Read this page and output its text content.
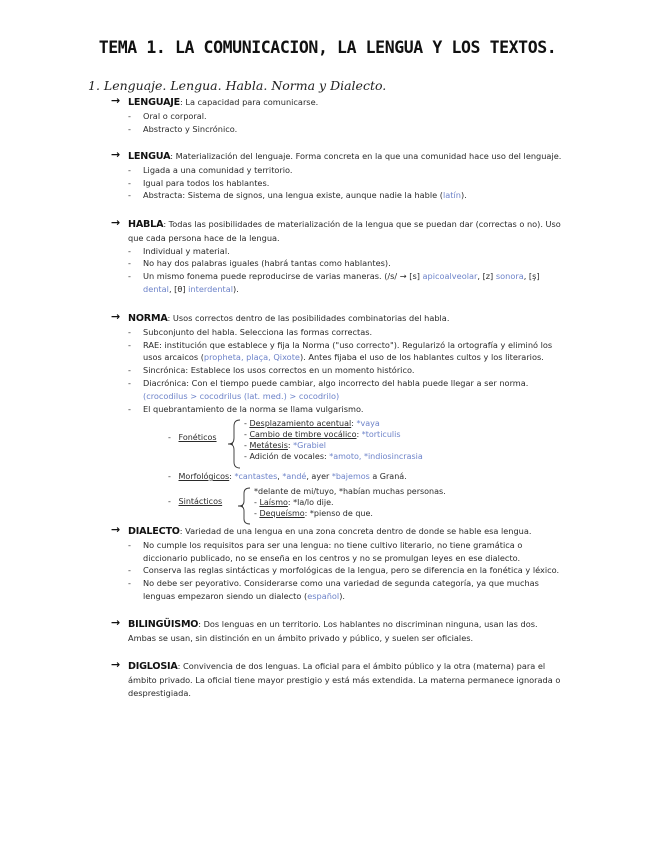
TEMA 1. LA COMUNICACION, LA LENGUA Y LOS TEXTOS.
1. Lenguaje. Lengua. Habla. Norma y Dialecto.
→ LENGUAJE: La capacidad para comunicarse.
- Oral o corporal.
- Abstracto y Sincrónico.
→ LENGUA: Materialización del lenguaje. Forma concreta en la que una comunidad hace uso del lenguaje.
- Ligada a una comunidad y territorio.
- Igual para todos los hablantes.
- Abstracta: Sistema de signos, una lengua existe, aunque nadie la hable (latín).
→ HABLA: Todas las posibilidades de materialización de la lengua que se puedan dar (correctas o no). Uso que cada persona hace de la lengua.
- Individual y material.
- No hay dos palabras iguales (habrá tantas como hablantes).
- Un mismo fonema puede reproducirse de varias maneras. (/s/ → [s] apicoalveolar, [z] sonora, [ş] dental, [θ] interdental).
→ NORMA: Usos correctos dentro de las posibilidades combinatorias del habla.
- Subconjunto del habla. Selecciona las formas correctas.
- RAE: institución que establece y fija la Norma ("uso correcto"). Regularizó la ortografía y eliminó los usos arcaicos (propheta, plaça, Qixote). Antes fijaba el uso de los hablantes cultos y los literarios.
- Sincrónica: Establece los usos correctos en un momento histórico.
- Diacrónica: Con el tiempo puede cambiar, algo incorrecto del habla puede llegar a ser norma. (crocodilus > cocodrilus (lat. med.) > cocodrilo)
- El quebrantamiento de la norma se llama vulgarismo.
-   Fonéticos
- Desplazamiento acentual: *vaya
- Cambio de timbre vocálico: *torticulis
- Metátesis: *Grabiel
- Adición de vocales: *amoto, *indiosincrasia
-   Morfológicos: *cantastes, *andé, ayer *bajemos a Graná.
-   Sintácticos
*delante de mi/tuyo, *habían muchas personas.
- Laísmo: *la/lo dije.
- Dequeísmo: *pienso de que.
→ DIALECTO: Variedad de una lengua en una zona concreta dentro de donde se hable esa lengua.
- No cumple los requisitos para ser una lengua: no tiene cultivo literario, no tiene gramática o diccionario publicado, no se enseña en los centros y no se promulgan leyes en ese dialecto.
- Conserva las reglas sintácticas y morfológicas de la lengua, pero se diferencia en la fonética y léxico.
- No debe ser peyorativo. Considerarse como una variedad de segunda categoría, ya que muchas lenguas empezaron siendo un dialecto (español).
→ BILINGÜISMO: Dos lenguas en un territorio. Los hablantes no discriminan ninguna, usan las dos. Ambas se usan, sin distinción en un ámbito privado y público, y suelen ser oficiales.
→ DIGLOSIA: Convivencia de dos lenguas. La oficial para el ámbito público y la otra (materna) para el ámbito privado. La oficial tiene mayor prestigio y está más extendida. La materna permanece ignorada o desprestigiada.
